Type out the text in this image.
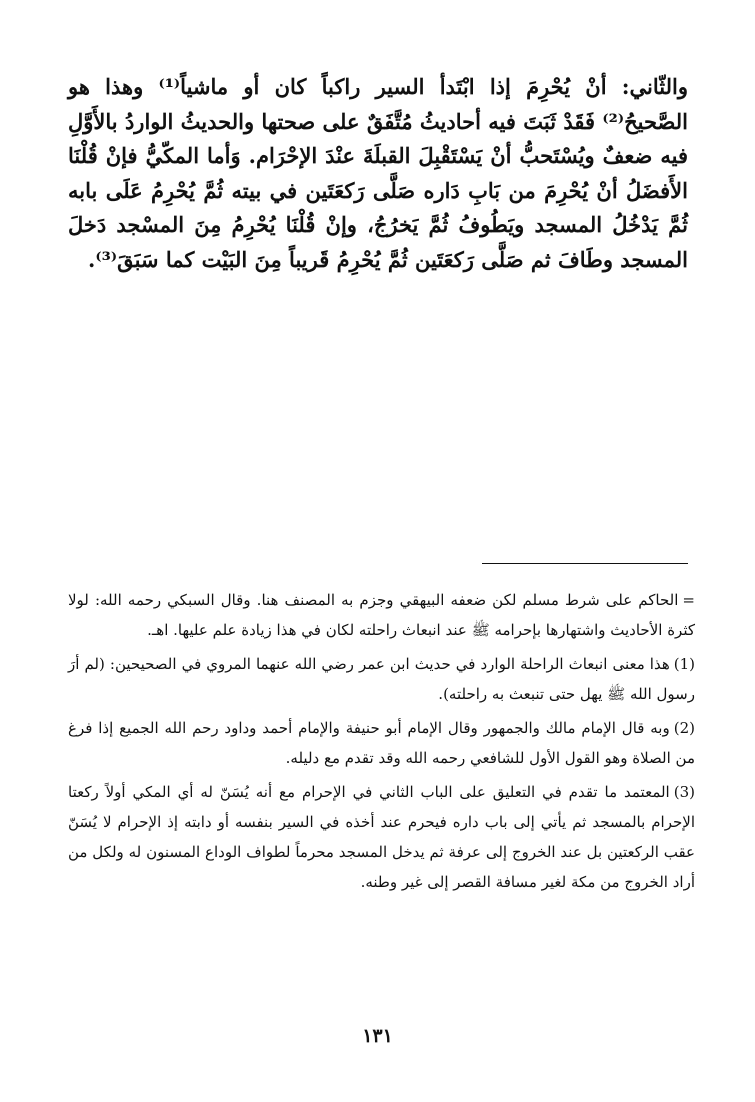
والثّاني: أنْ يُحْرِمَ إذا ابْتَدأ السير راكباً كان أو ماشياً⁽¹⁾ وهذا هو الصَّحيحُ⁽²⁾ فَقَدْ ثَبَتَ فيه أحاديثُ مُتَّفَقٌ على صحتها والحديثُ الواردُ بالأَوَّلِ فيه ضعفٌ ويُسْتَحبُّ أنْ يَسْتَقْبِلَ القبلَةَ عنْدَ الإحْرَام. وَأما المكّيُّ فإنْ قُلْنَا الأَفضَلُ أنْ يُحْرِمَ من بَابِ دَاره صَلَّى رَكعَتَين في بيته ثُمَّ يُحْرِمُ عَلَى بابه ثُمَّ يَدْخُلُ المسجد ويَطُوفُ ثُمَّ يَخرُجُ، وإنْ قُلْنَا يُحْرِمُ مِنَ المسْجد دَخلَ المسجد وطَافَ ثم صَلَّى رَكعَتَين ثُمَّ يُحْرِمُ قَريباً مِنَ البَيْت كما سَبَقَ⁽³⁾.

=الحاكم على شرط مسلم لكن ضعفه البيهقي وجزم به المصنف هنا. وقال السبكي رحمه الله: لولا كثرة الأحاديث واشتهارها بإحرامه ﷺ عند انبعاث راحلته لكان في هذا زيادة علم عليها. اهـ.

(1)هذا معنى انبعاث الراحلة الوارد في حديث ابن عمر رضي الله عنهما المروي في الصحيحين: (لم أرَ رسول الله ﷺ يهل حتى تنبعث به راحلته).

(2)وبه قال الإمام مالك والجمهور وقال الإمام أبو حنيفة والإمام أحمد وداود رحم الله الجميع إذا فرغ من الصلاة وهو القول الأول للشافعي رحمه الله وقد تقدم مع دليله.

(3)المعتمد ما تقدم في التعليق على الباب الثاني في الإحرام مع أنه يُسَنّ له أي المكي أولاً ركعتا الإحرام بالمسجد ثم يأتي إلى باب داره فيحرم عند أخذه في السير بنفسه أو دابته إذ الإحرام لا يُسَنّ عقب الركعتين بل عند الخروج إلى عرفة ثم يدخل المسجد محرماً لطواف الوداع المسنون له ولكل من أراد الخروج من مكة لغير مسافة القصر إلى غير وطنه.

١٣١
